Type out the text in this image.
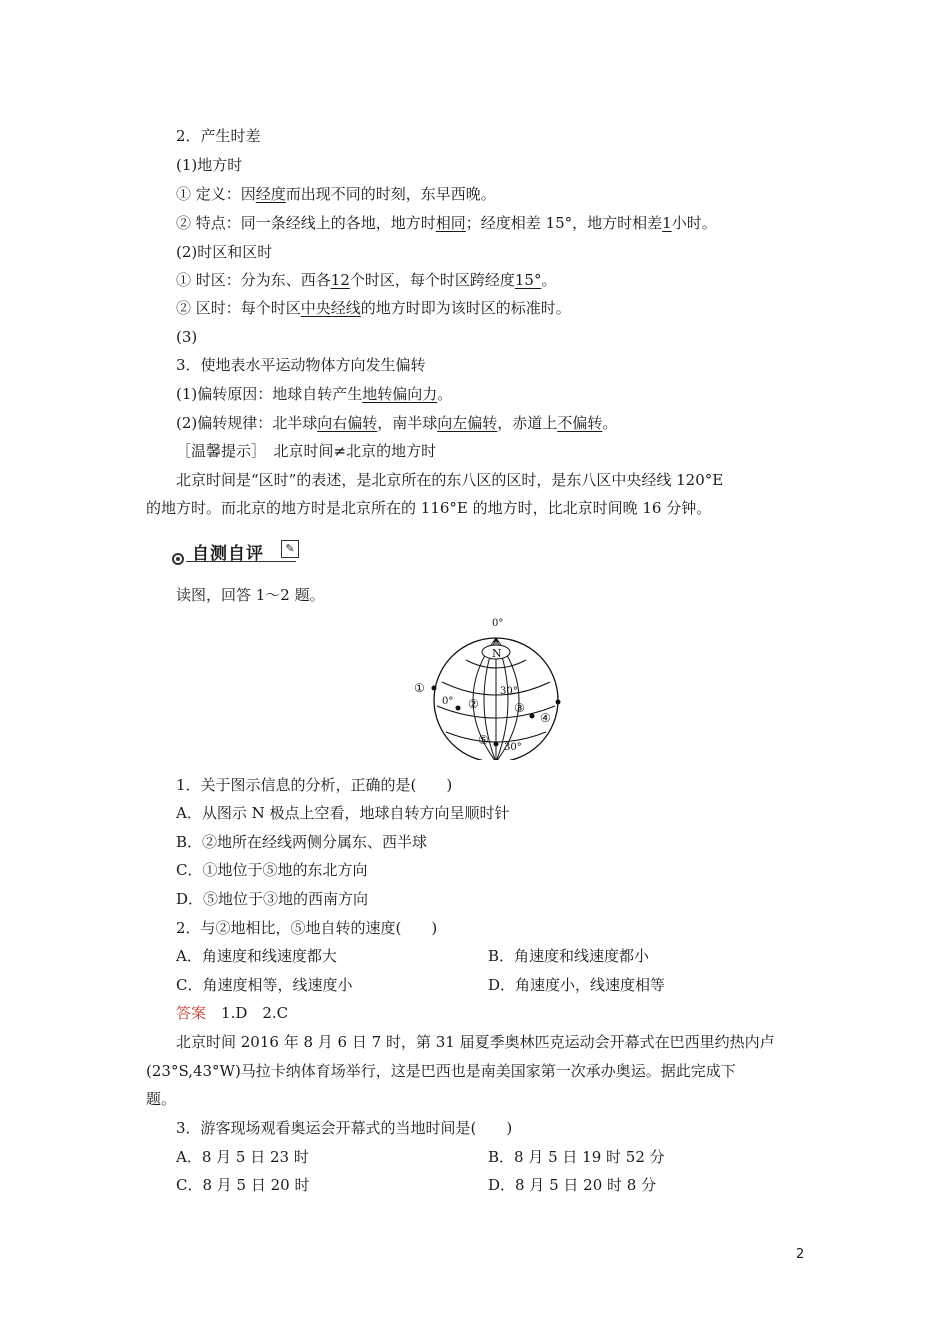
2．产生时差
(1)地方时
① 定义：因经度而出现不同的时刻，东早西晚。
② 特点：同一条经线上的各地，地方时相同；经度相差 15°，地方时相差1小时。
(2)时区和区时
① 时区：分为东、西各12个时区，每个时区跨经度15°。
② 区时：每个时区中央经线的地方时即为该时区的标准时。
(3)
3．使地表水平运动物体方向发生偏转
(1)偏转原因：地球自转产生地转偏向力。
(2)偏转规律：北半球向右偏转，南半球向左偏转，赤道上不偏转。
［温馨提示］　北京时间≠北京的地方时
北京时间是“区时”的表述，是北京所在的东八区的区时，是东八区中央经线 120°E
的地方时。而北京的地方时是北京所在的 116°E 的地方时，比北京时间晚 16 分钟。
自测自评	✎
读图，回答 1～2 题。
N
0°
0°
30°
30°
①
②	③
④
⑤
1．关于图示信息的分析，正确的是(　　)
A．从图示 N 极点上空看，地球自转方向呈顺时针
B．②地所在经线两侧分属东、西半球
C．①地位于⑤地的东北方向
D．⑤地位于③地的西南方向
2．与②地相比，⑤地自转的速度(　　)
A．角速度和线速度都大	B．角速度和线速度都小
C．角速度相等，线速度小	D．角速度小，线速度相等
答案　 1.D　2.C
北京时间 2016 年 8 月 6 日 7 时，第 31 届夏季奥林匹克运动会开幕式在巴西里约热内卢
(23°S,43°W)马拉卡纳体育场举行，这是巴西也是南美国家第一次承办奥运。据此完成下
题。
3．游客现场观看奥运会开幕式的当地时间是(　　)
A．8 月 5 日 23 时	B．8 月 5 日 19 时 52 分
C．8 月 5 日 20 时	D．8 月 5 日 20 时 8 分
2
